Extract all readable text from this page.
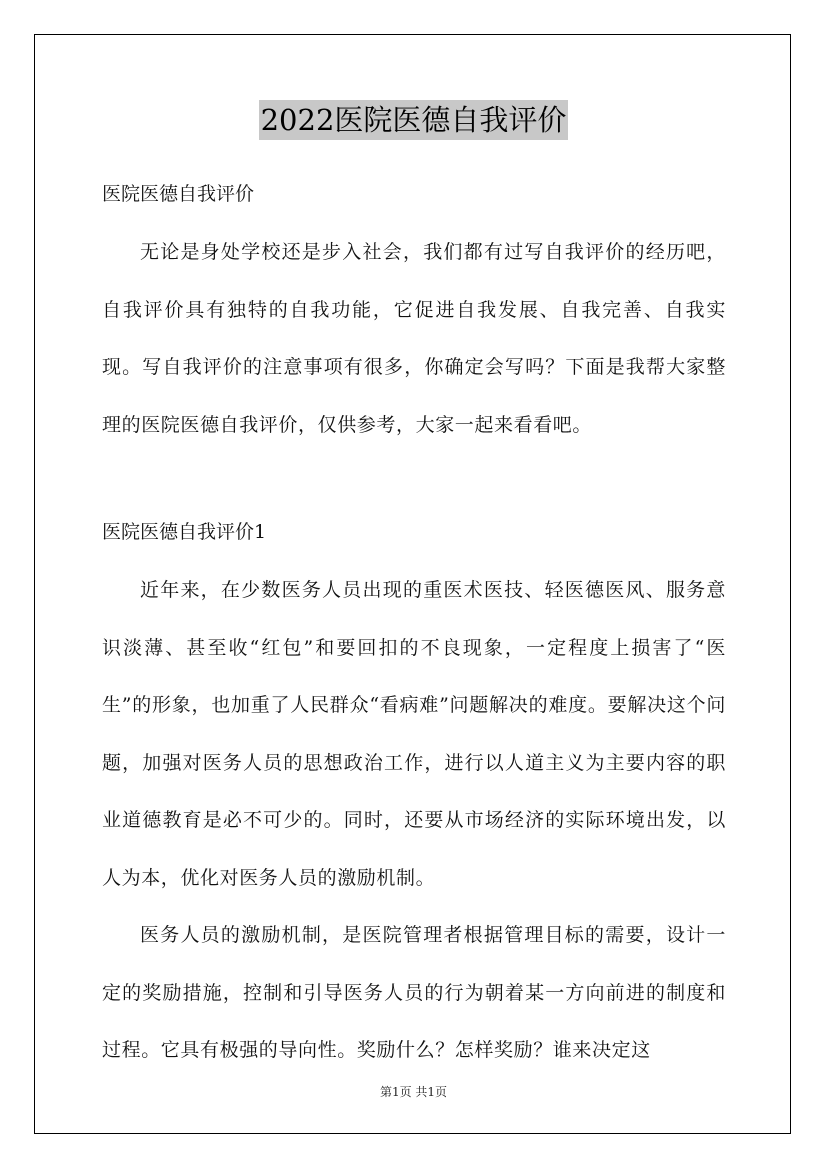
2022医院医德自我评价

医院医德自我评价

无论是身处学校还是步入社会，我们都有过写自我评价的经历吧，自我评价具有独特的自我功能，它促进自我发展、自我完善、自我实现。写自我评价的注意事项有很多，你确定会写吗？下面是我帮大家整理的医院医德自我评价，仅供参考，大家一起来看看吧。

医院医德自我评价1

近年来，在少数医务人员出现的重医术医技、轻医德医风、服务意识淡薄、甚至收“红包”和要回扣的不良现象，一定程度上损害了“医生”的形象，也加重了人民群众“看病难”问题解决的难度。要解决这个问题，加强对医务人员的思想政治工作，进行以人道主义为主要内容的职业道德教育是必不可少的。同时，还要从市场经济的实际环境出发，以人为本，优化对医务人员的激励机制。

医务人员的激励机制，是医院管理者根据管理目标的需要，设计一定的奖励措施，控制和引导医务人员的行为朝着某一方向前进的制度和过程。它具有极强的导向性。奖励什么？怎样奖励？谁来决定这

第1页 共1页
